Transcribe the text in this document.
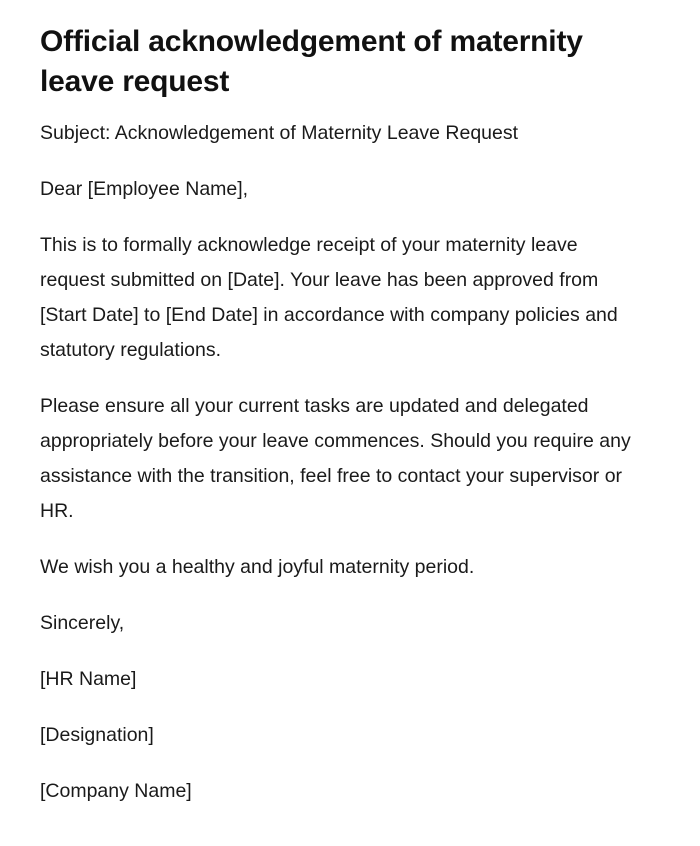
Official acknowledgement of maternity leave request

Subject: Acknowledgement of Maternity Leave Request

Dear [Employee Name],

This is to formally acknowledge receipt of your maternity leave request submitted on [Date]. Your leave has been approved from [Start Date] to [End Date] in accordance with company policies and statutory regulations.

Please ensure all your current tasks are updated and delegated appropriately before your leave commences. Should you require any assistance with the transition, feel free to contact your supervisor or HR.

We wish you a healthy and joyful maternity period.

Sincerely,

[HR Name]

[Designation]

[Company Name]
